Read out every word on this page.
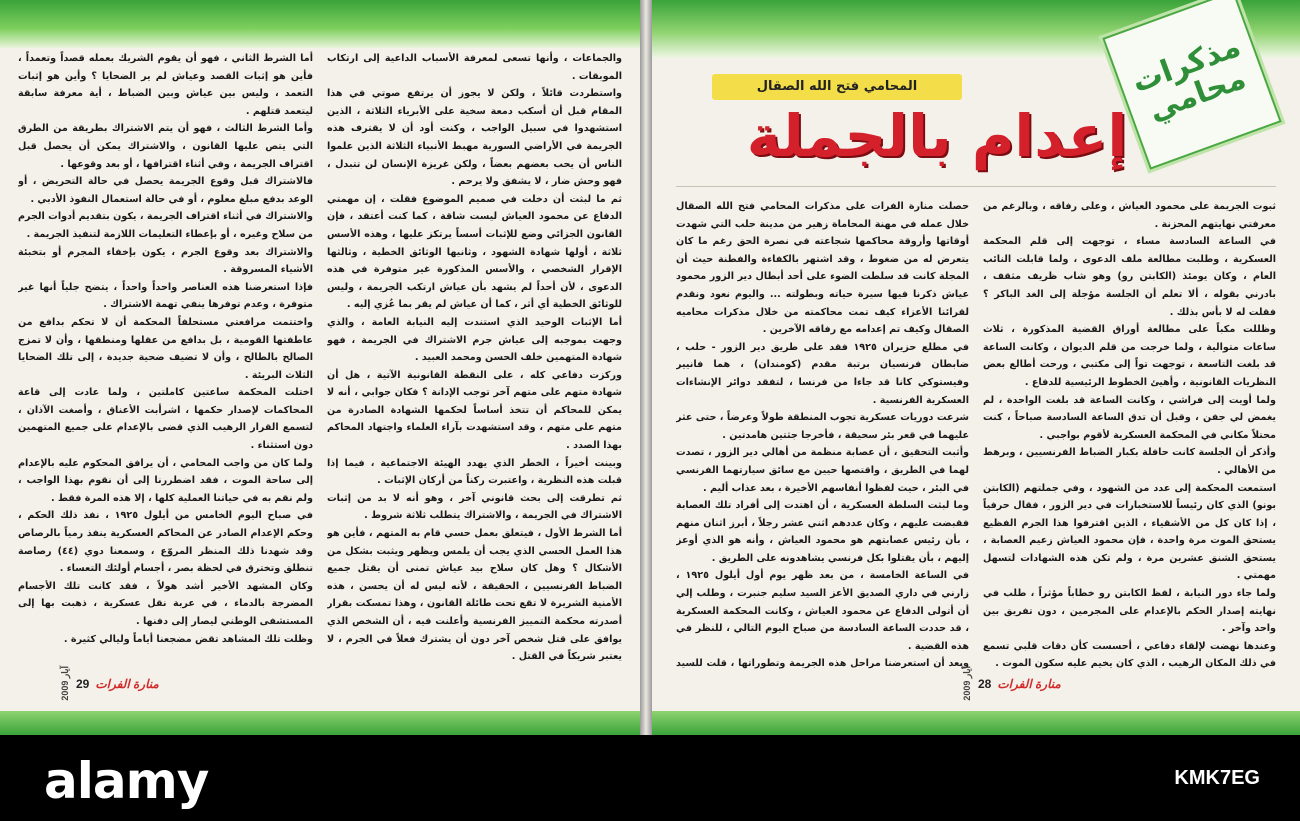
أما الشرط الثاني ، فهو أن يقوم الشريك بعمله قصداً وتعمداً ، فأين هو إثبات القصد وعياش لم ير الضحايا ؟ وأين هو إثبات التعمد ، وليس بين عياش وبين الضباط ، أية معرفة سابقة ليتعمد قتلهم .
وأما الشرط الثالث ، فهو أن يتم الاشتراك بطريقة من الطرق التي يتص عليها القانون ، والاشتراك يمكن أن يحصل قبل اقتراف الجريمة ، وفي أثناء اقترافها ، أو بعد وقوعها .
فالاشتراك قبل وقوع الجريمة يحصل في حالة التحريض ، أو الوعد بدفع مبلغ معلوم ، أو في حالة استعمال النفوذ الأدبي .
والاشتراك في أثناء اقتراف الجريمة ، يكون بتقديم أدوات الجرم من سلاح وغيره ، أو بإعطاء التعليمات اللازمة لتنفيذ الجريمة .
والاشتراك بعد وقوع الجرم ، يكون بإخفاء المجرم أو بتخبئة الأشياء المسروقة .
فإذا استعرضنا هذه العناصر واحداً واحداً ، يتضح جلياً أنها غير متوفرة ، وعدم توفرها ينفي تهمة الاشتراك .
واختتمت مرافعتي مستحلفاً المحكمة أن لا تحكم بدافع من عاطفتها القومية ، بل بدافع من عقلها ومنطقها ، وأن لا تمزج الصالح بالطالح ، وأن لا تضيف ضحية جديدة ، إلى تلك الضحايا الثلاث البريئة .
اختلت المحكمة ساعتين كاملتين ، ولما عادت إلى قاعة المحاكمات لإصدار حكمها ، اشرأبت الأعناق ، وأصغت الآذان ، لتسمع القرار الرهيب الذي قضى بالإعدام على جميع المتهمين دون استثناء .
ولما كان من واجب المحامي ، أن يرافق المحكوم عليه بالإعدام إلى ساحة الموت ، فقد اضطررنا إلى أن نقوم بهذا الواجب ، ولم نقم به في حياتنا العملية كلها ، إلا هذه المرة فقط .
في صباح اليوم الخامس من أيلول ١٩٢٥ ، نفذ ذلك الحكم ، وحكم الإعدام الصادر عن المحاكم العسكرية ينفذ رمياً بالرصاص وقد شهدنا ذلك المنظر المروّع ، وسمعنا دوي (٤٤) رصاصة تنطلق وتخترق في لحظة بصر ، أجسام أولئك التعساء .
وكان المشهد الأخير أشد هولاً ، فقد كانت تلك الأجسام المضرجة بالدماء ، في عربة نقل عسكرية ، ذهبت بها إلى المستشفى الوطني ليصار إلى دفنها .
وظلت تلك المشاهد تقض مضجعنا أياماً وليالي كثيرة .
والجماعات ، وأنها تسعى لمعرفة الأسباب الداعية إلى ارتكاب الموبقات .
واستطردت قائلاً ، ولكن لا يجوز أن يرتفع صوتي في هذا المقام قبل أن أسكب دمعة سخية على الأبرياء الثلاثة ، الذين استشهدوا في سبيل الواجب ، وكنت أود أن لا يقترف هذه الجريمة في الأراضي السورية مهبط الأنبياء الثلاثة الذين علموا الناس أن يحب بعضهم بعضاً ، ولكن غريزة الإنسان لن تتبدل ، فهو وحش ضار ، لا يشفق ولا يرحم .
ثم ما لبثت أن دخلت في صميم الموضوع فقلت ، إن مهمتي الدفاع عن محمود العياش ليست شاقة ، كما كنت أعتقد ، فإن القانون الجزائي وضع للإثبات أسساً يرتكز عليها ، وهذه الأسس ثلاثة ، أولها شهادة الشهود ، وثانيها الوثائق الخطية ، وثالثها الإقرار الشخصي ، والأسس المذكورة غير متوفرة في هذه الدعوى ، لأن أحداً لم يشهد بأن عياش ارتكب الجريمة ، وليس للوثائق الخطية أي أثر ، كما أن عياش لم يقر بما عُزي إليه .
أما الإثبات الوحيد الذي استندت إليه النيابة العامة ، والذي وجهت بموجبه إلى عياش جرم الاشتراك في الجريمة ، فهو شهادة المتهمين خلف الحسن ومحمد العبيد .
وركزت دفاعي كله ، على النقطة القانونية الآتية ، هل أن شهادة متهم على متهم آخر توجب الإدانة ؟ فكان جوابي ، أنه لا يمكن للمحاكم أن تتخذ أساساً لحكمها الشهادة الصادرة من متهم على متهم ، وقد استشهدت بآراء العلماء واجتهاد المحاكم بهذا الصدد .
وبينت أخيراً ، الخطر الذي يهدد الهيئة الاجتماعية ، فيما إذا قبلت هذه النظرية ، واعتبرت ركناً من أركان الإثبات .
ثم تطرقت إلى بحث قانوني آخر ، وهو أنه لا بد من إثبات الاشتراك في الجريمة ، والاشتراك يتطلب ثلاثة شروط .
أما الشرط الأول ، فيتعلق بعمل حسي قام به المتهم ، فأين هو هذا العمل الحسي الذي يجب أن يلمس ويظهر ويثبت بشكل من الأشكال ؟ وهل كان سلاح بيد عياش تمنى أن يقتل جميع الضباط الفرنسيين ، الحقيقة ، لأنه ليس له أن يحسن ، هذه الأمنية الشريرة لا تقع تحت طائلة القانون ، وهذا تمسكت بقرار أصدرته محكمة التمييز الفرنسية وأعلنت فيه ، أن الشخص الذي يوافق على قتل شخص آخر دون أن يشترك فعلاً في الجرم ، لا يعتبر شريكاً في القتل .
آيار 2009
29 منارة الفرات
مذكرات محامي
المحامي فتح الله الصقال
إعدام بالجملة
حصلت منارة الفرات على مذكرات المحامي فتح الله الصقال خلال عمله في مهنة المحاماة زهير من مدينة حلب التي شهدت أوقاتها وأروقة محاكمها شجاعته في نصرة الحق رغم ما كان يتعرض له من ضغوط ، وقد اشتهر بالكفاءة والفطنة حيث أن المجلة كانت قد سلطت الضوء على أحد أبطال دير الزور محمود عياش ذكرنا فيها سيرة حياته وبطولته ... واليوم نعود ونقدم لقرائنا الأعزاء كيف تمت محاكمته من خلال مذكرات محاميه الصقال وكيف تم إعدامه مع رفاقه الآخرين .
في مطلع حزيران ١٩٢٥ فقد على طريق دير الزور - حلب ، ضابطان فرنسيان برتبة مقدم (كومندان) ، هما فانيير وفيستوكي كانا قد جاءا من فرنسا ، لتفقد دوائر الإنشاءات العسكرية الفرنسية .
شرعت دوريات عسكرية تجوب المنطقة طولاً وعرضاً ، حتى عثر عليهما في قعر بئر سحيقة ، فأخرجا جثتين هامدتين .
وأثبت التحقيق ، أن عصابة منظمة من أهالي دير الزور ، تصدت لهما في الطريق ، واقتصها حيين مع سائق سيارتهما الفرنسي في البئر ، حيث لفظوا أنفاسهم الأخيرة ، بعد عذاب أليم .
وما لبثت السلطة العسكرية ، أن اهتدت إلى أفراد تلك العصابة فقبضت عليهم ، وكان عددهم اثني عشر رجلاً ، أبرز اثنان منهم ، بأن رئيس عصابتهم هو محمود العياش ، وأنه هو الذي أوعز إليهم ، بأن يقتلوا بكل فرنسي يشاهدونه على الطريق .
في الساعة الخامسة ، من بعد ظهر يوم أول أيلول ١٩٢٥ ، زارني في داري الصديق الأعز السيد سليم جنبرت ، وطلب إلي أن أتولى الدفاع عن محمود العياش ، وكانت المحكمة العسكرية ، قد حددت الساعة السادسة من صباح اليوم التالي ، للنظر في هذه القضية .
وبعد أن استعرضنا مراحل هذه الجريمة وتطوراتها ، قلت للسيد

ثبوت الجريمة على محمود العياش ، وعلى رفاقه ، وبالرغم من معرفتي نهايتهم المحزنة .
في الساعة السادسة مساء ، توجهت إلى قلم المحكمة العسكرية ، وطلبت مطالعة ملف الدعوى ، ولما قابلت النائب العام ، وكان يومئذ (الكابتن رو) وهو شاب ظريف مثقف ، بادرني بقوله ، ألا تعلم أن الجلسة مؤجلة إلى الغد الباكر ؟ فقلت له لا بأس بذلك .
وظللت مكباً على مطالعة أوراق القضية المذكورة ، ثلاث ساعات متوالية ، ولما خرجت من قلم الديوان ، وكانت الساعة قد بلغت التاسعة ، توجهت تواً إلى مكتبي ، ورحت أطالع بعض النظريات القانونية ، وأهيئ الخطوط الرئيسية للدفاع .
ولما أويت إلى فراشي ، وكانت الساعة قد بلغت الواحدة ، لم يغمض لي جفن ، وقبل أن تدق الساعة السادسة صباحاً ، كنت محتلاً مكاني في المحكمة العسكرية لأقوم بواجبي .
وأذكر أن الجلسة كانت حافلة بكبار الضباط الفرنسيين ، وبرهط من الأهالي .
استمعت المحكمة إلى عدد من الشهود ، وفي جملتهم (الكابتن بونو) الذي كان رئيساً للاستخبارات في دير الزور ، فقال حرفياً ، إذا كان كل من الأشقياء ، الذين اقترفوا هذا الجرم الفظيع يستحق الموت مرة واحدة ، فإن محمود العياش زعيم العصابة ، يستحق الشنق عشرين مرة ، ولم تكن هذه الشهادات لتسهل مهمتي .
ولما جاء دور النيابة ، لفظ الكابتن رو خطاباً مؤثراً ، طلب في نهايته إصدار الحكم بالإعدام على المجرمين ، دون تفريق بين واحد وآخر .
وعندها نهضت لإلقاء دفاعي ، أحسست كأن دقات قلبي تسمع في ذلك المكان الرهيب ، الذي كان يخيم عليه سكون الموت .

آيار 2009
28 منارة الفرات
alamy	KMK7EG
